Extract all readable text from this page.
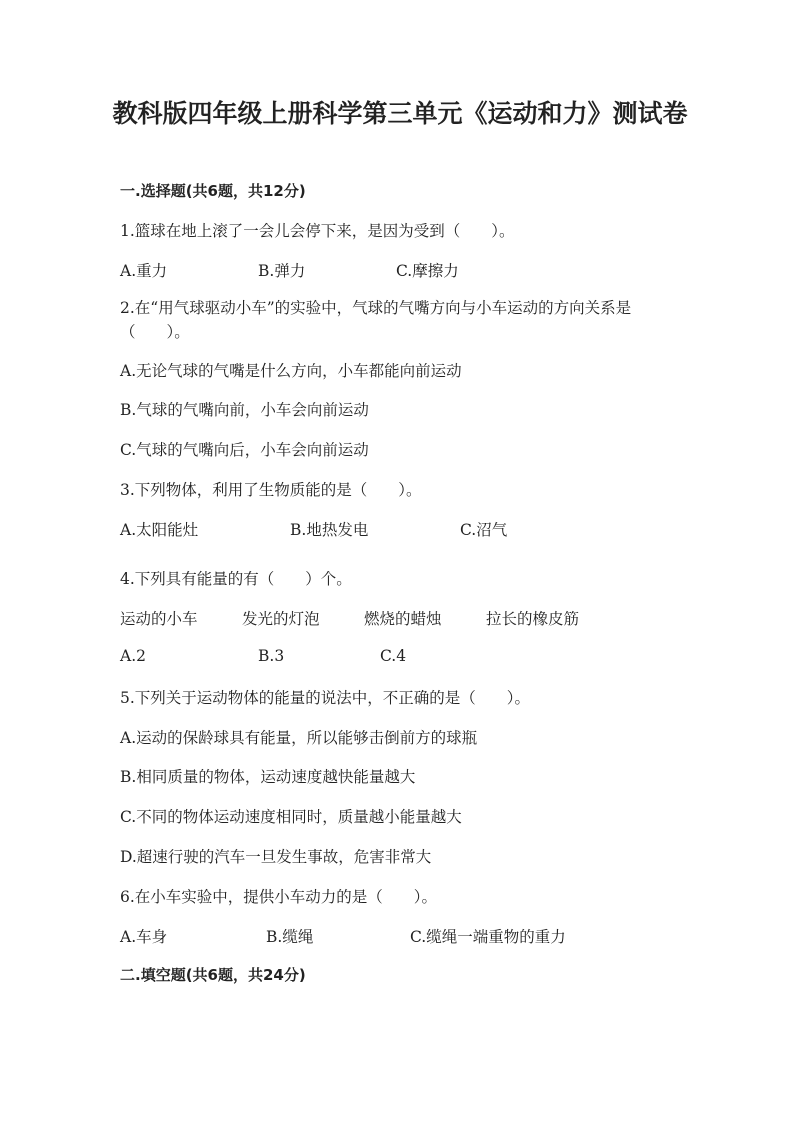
教科版四年级上册科学第三单元《运动和力》测试卷
一.选择题(共6题，共12分)
1.篮球在地上滚了一会儿会停下来，是因为受到（　　）。
A.重力	B.弹力	C.摩擦力
2.在“用气球驱动小车”的实验中，气球的气嘴方向与小车运动的方向关系是（　　）。
A.无论气球的气嘴是什么方向，小车都能向前运动
B.气球的气嘴向前，小车会向前运动
C.气球的气嘴向后，小车会向前运动
3.下列物体，利用了生物质能的是（　　）。
A.太阳能灶	B.地热发电	C.沼气
4.下列具有能量的有（　　）个。
运动的小车	发光的灯泡	燃烧的蜡烛	拉长的橡皮筋
A.2	B.3	C.4
5.下列关于运动物体的能量的说法中，不正确的是（　　）。
A.运动的保龄球具有能量，所以能够击倒前方的球瓶
B.相同质量的物体，运动速度越快能量越大
C.不同的物体运动速度相同时，质量越小能量越大
D.超速行驶的汽车一旦发生事故，危害非常大
6.在小车实验中，提供小车动力的是（　　）。
A.车身	B.缆绳	C.缆绳一端重物的重力
二.填空题(共6题，共24分)
